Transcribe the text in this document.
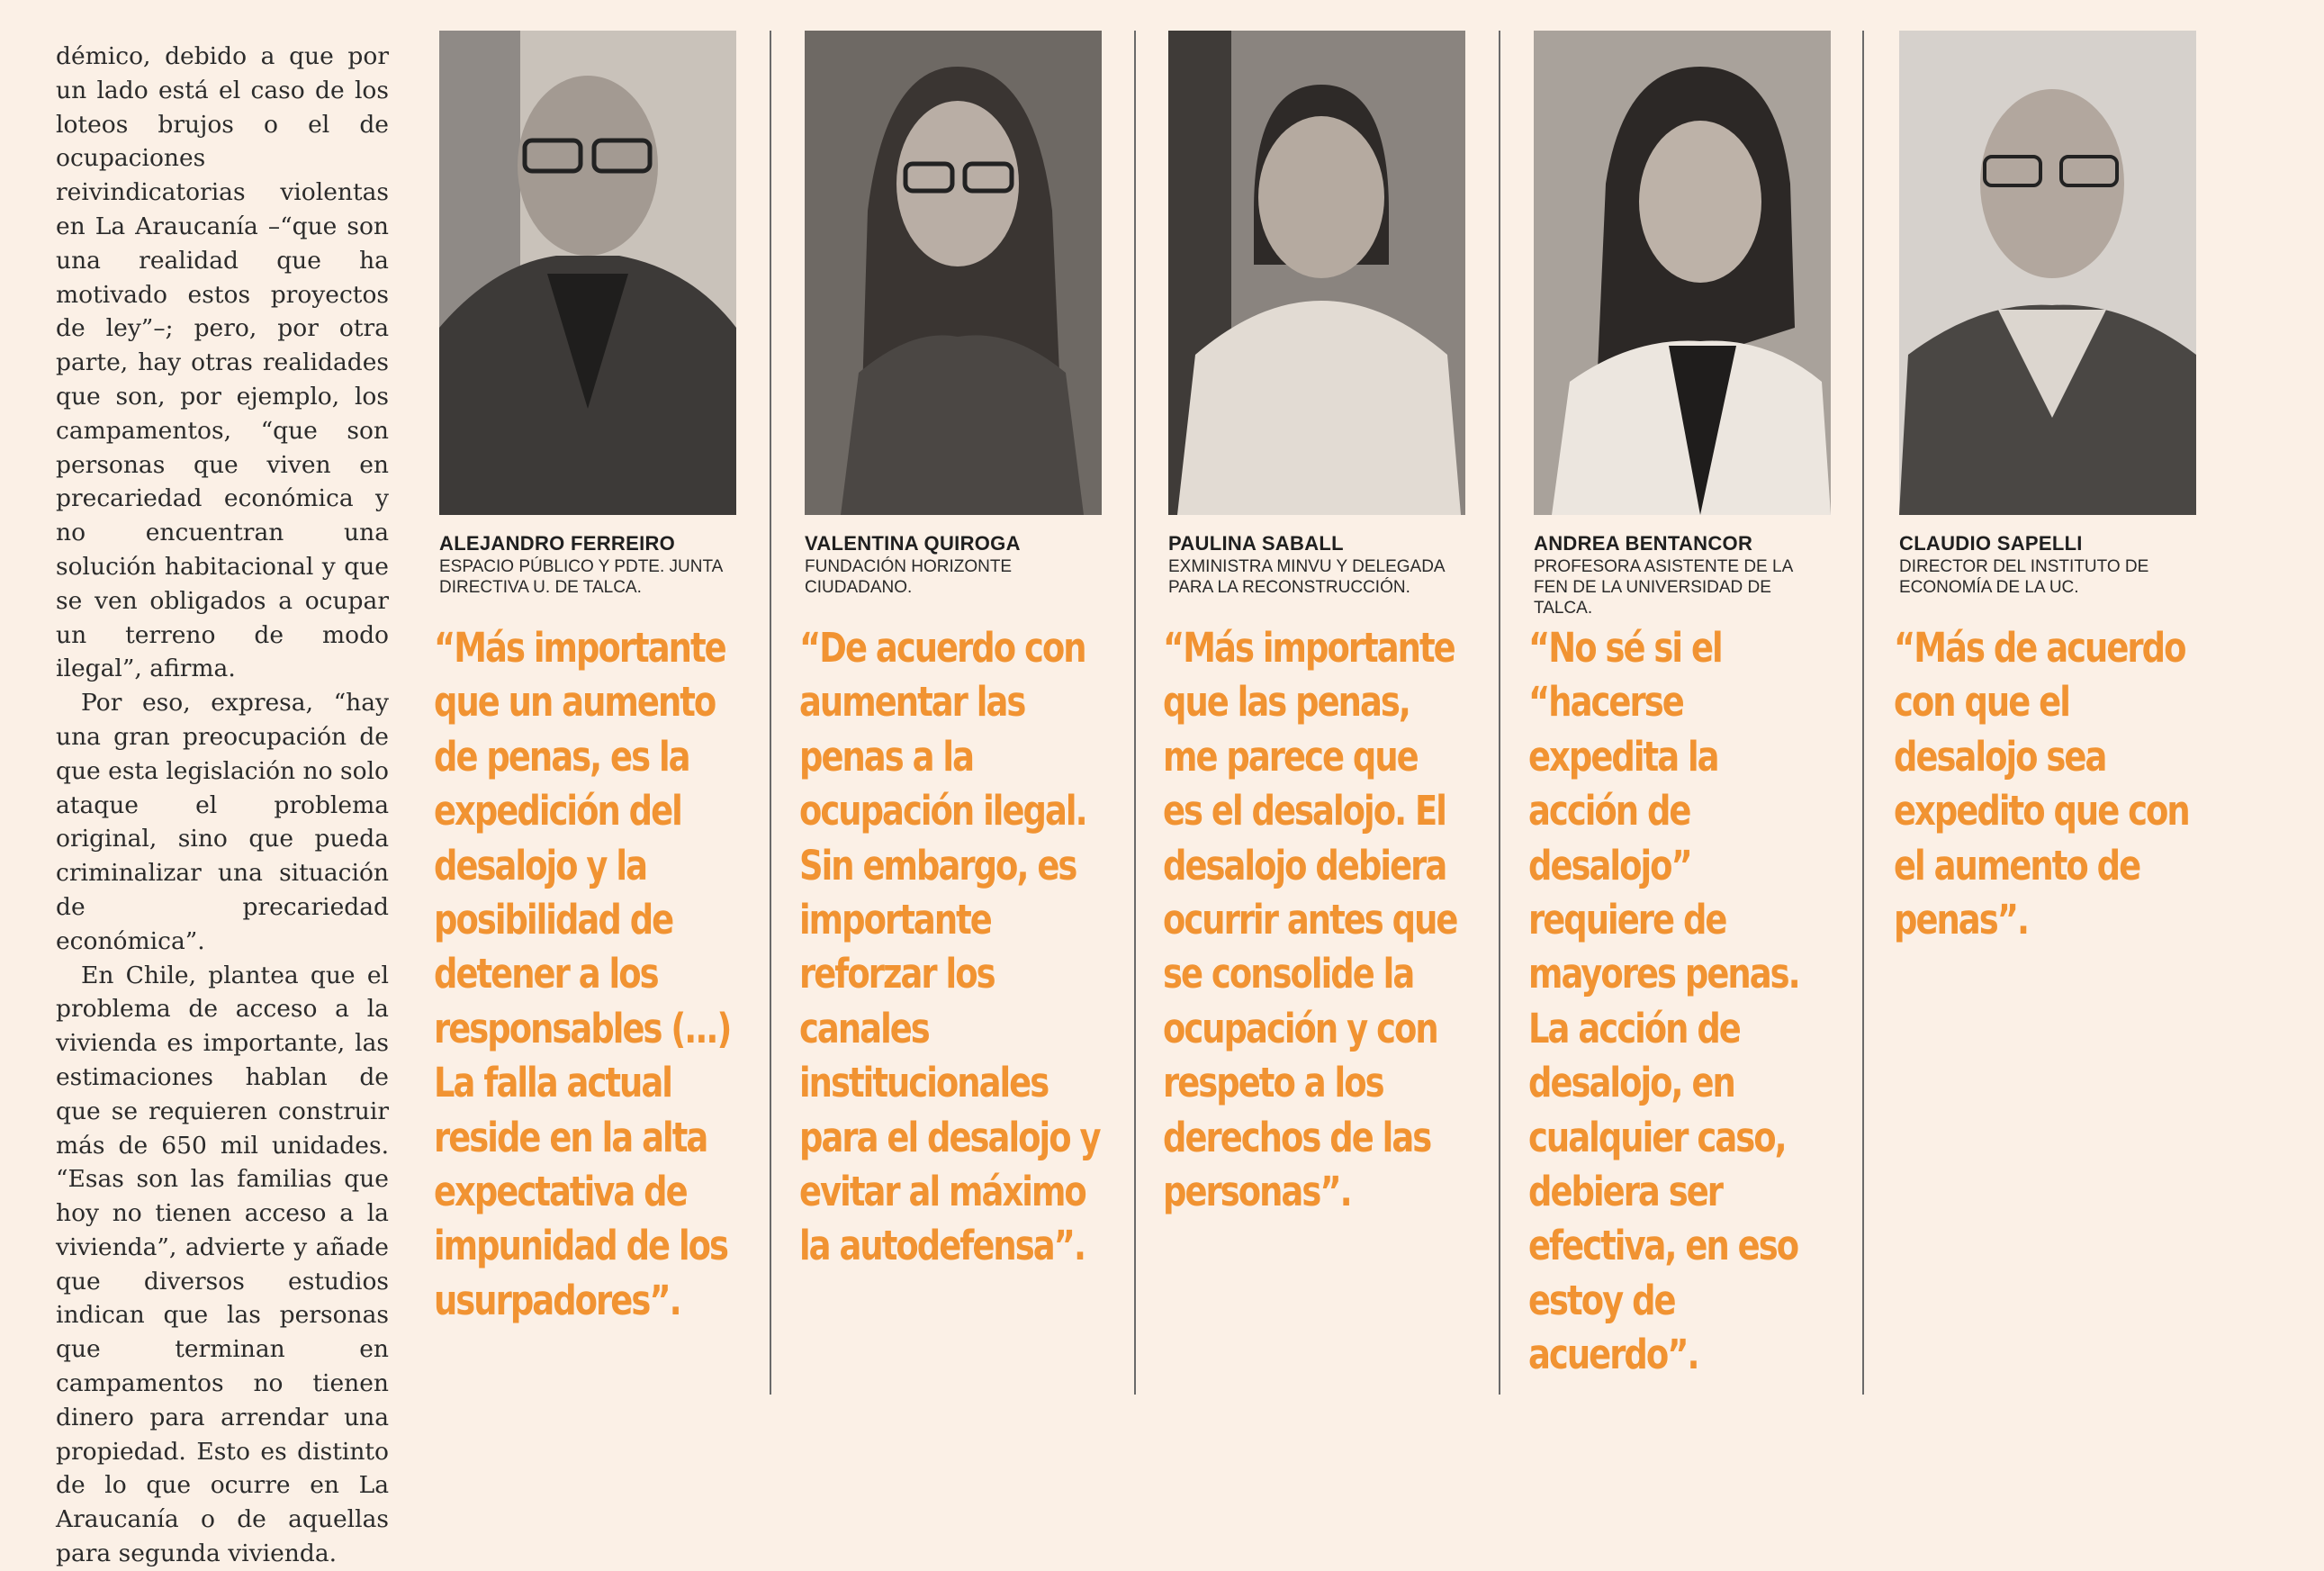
démico, debido a que por un lado está el caso de los loteos brujos o el de ocupaciones reivindicatorias violentas en La Araucanía –“que son una realidad que ha motivado estos proyectos de ley”–; pero, por otra parte, hay otras realidades que son, por ejemplo, los campamentos, “que son personas que viven en precariedad económica y no encuentran una solución habitacional y que se ven obligados a ocupar un terreno de modo ilegal”, afirma.

Por eso, expresa, “hay una gran preocupación de que esta legislación no solo ataque el problema original, sino que pueda criminalizar una situación de precariedad económica”.

En Chile, plantea que el problema de acceso a la vivienda es importante, las estimaciones hablan de que se requieren construir más de 650 mil unidades. “Esas son las familias que hoy no tienen acceso a la vivienda”, advierte y añade que diversos estudios indican que las personas que terminan en campamentos no tienen dinero para arrendar una propiedad. Esto es distinto de lo que ocurre en La Araucanía o de aquellas para segunda vivienda.

ALEJANDRO FERREIRO
ESPACIO PÚBLICO Y PDTE. JUNTA DIRECTIVA U. DE TALCA.
“Más importante que un aumento de penas, es la expedición del desalojo y la posibilidad de detener a los responsables (...) La falla actual reside en la alta expectativa de impunidad de los usurpadores”.
VALENTINA QUIROGA
FUNDACIÓN HORIZONTE CIUDADANO.
“De acuerdo con aumentar las penas a la ocupación ilegal. Sin embargo, es importante reforzar los canales institucionales para el desalojo y evitar al máximo la autodefensa”.
PAULINA SABALL
EXMINISTRA MINVU Y DELEGADA PARA LA RECONSTRUCCIÓN.
“Más importante que las penas, me parece que es el desalojo. El desalojo debiera ocurrir antes que se consolide la ocupación y con respeto a los derechos de las personas”.
ANDREA BENTANCOR
PROFESORA ASISTENTE DE LA FEN DE LA UNIVERSIDAD DE TALCA.
“No sé si el “hacerse expedita la acción de desalojo” requiere de mayores penas. La acción de desalojo, en cualquier caso, debiera ser efectiva, en eso estoy de acuerdo”.
CLAUDIO SAPELLI
DIRECTOR DEL INSTITUTO DE ECONOMÍA DE LA UC.
“Más de acuerdo con que el desalojo sea expedito que con el aumento de penas”.
